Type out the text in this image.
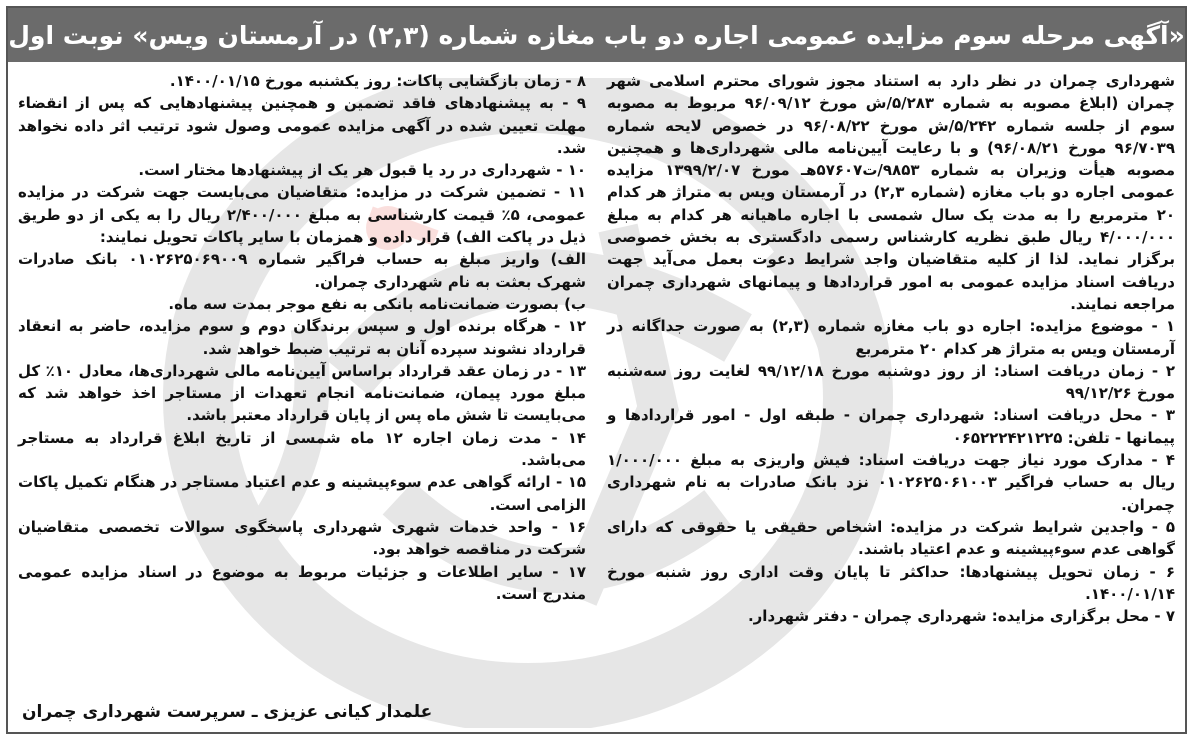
«آگهی مرحله سوم مزایده عمومی اجاره دو باب مغازه شماره (۲,۳) در آرمستان ویس» نوبت اول

شهرداری چمران در نظر دارد به استناد مجوز شورای محترم اسلامی شهر چمران (ابلاغ مصوبه به شماره ۵/۲۸۳/ش مورخ ۹۶/۰۹/۱۲ مربوط به مصوبه سوم از جلسه شماره ۵/۲۴۲/ش مورخ ۹۶/۰۸/۲۲ در خصوص لایحه شماره ۹۶/۷۰۳۹ مورخ ۹۶/۰۸/۲۱) و با رعایت آیین‌نامه مالی شهرداری‌ها و همچنین مصوبه هیأت وزیران به شماره ۹۸۵۳/ت۵۷۶۰۷هـ مورخ ۱۳۹۹/۲/۰۷ مزایده عمومی اجاره دو باب مغازه (شماره ۲,۳) در آرمستان ویس به متراژ هر کدام ۲۰ مترمربع را به مدت یک سال شمسی با اجاره ماهیانه هر کدام به مبلغ ۴/۰۰۰/۰۰۰ ریال طبق نظریه کارشناس رسمی دادگستری به بخش خصوصی برگزار نماید. لذا از کلیه متقاضیان واجد شرایط دعوت بعمل می‌آید جهت دریافت اسناد مزایده عمومی به امور قراردادها و پیمانهای شهرداری چمران مراجعه نمایند.

۱ - موضوع مزایده: اجاره دو باب مغازه شماره (۲,۳) به صورت جداگانه در آرمستان ویس به متراژ هر کدام ۲۰ مترمربع

۲ - زمان دریافت اسناد: از روز دوشنبه مورخ ۹۹/۱۲/۱۸ لغایت روز سه‌شنبه مورخ ۹۹/۱۲/۲۶

۳ - محل دریافت اسناد: شهرداری چمران - طبقه اول - امور قراردادها و پیمانها - تلفن: ۰۶۵۲۲۲۴۲۱۲۲۵

۴ - مدارک مورد نیاز جهت دریافت اسناد: فیش واریزی به مبلغ ۱/۰۰۰/۰۰۰ ریال به حساب فراگیر ۰۱۰۲۶۲۵۰۶۱۰۰۳ نزد بانک صادرات به نام شهرداری چمران.

۵ - واجدین شرایط شرکت در مزایده: اشخاص حقیقی یا حقوقی که دارای گواهی عدم سوءپیشینه و عدم اعتیاد باشند.

۶ - زمان تحویل پیشنهادها: حداکثر تا پایان وقت اداری روز شنبه مورخ ۱۴۰۰/۰۱/۱۴.

۷ - محل برگزاری مزایده: شهرداری چمران - دفتر شهردار.

۸ - زمان بازگشایی پاکات: روز یکشنبه مورخ ۱۴۰۰/۰۱/۱۵.

۹ - به پیشنهادهای فاقد تضمین و همچنین پیشنهادهایی که پس از انقضاء مهلت تعیین شده در آگهی مزایده عمومی وصول شود ترتیب اثر داده نخواهد شد.

۱۰ - شهرداری در رد یا قبول هر یک از پیشنهادها مختار است.

۱۱ - تضمین شرکت در مزایده: متقاضیان می‌بایست جهت شرکت در مزایده عمومی، ۵٪ قیمت کارشناسی به مبلغ ۲/۴۰۰/۰۰۰ ریال را به یکی از دو طریق ذیل در پاکت الف) قرار داده و همزمان با سایر پاکات تحویل نمایند:

الف) واریز مبلغ به حساب فراگیر شماره ۰۱۰۲۶۲۵۰۶۹۰۰۹ بانک صادرات شهرک بعثت به نام شهرداری چمران.

ب) بصورت ضمانت‌نامه بانکی به نفع موجر بمدت سه ماه.

۱۲ - هرگاه برنده اول و سپس برندگان دوم و سوم مزایده، حاضر به انعقاد قرارداد نشوند سپرده آنان به ترتیب ضبط خواهد شد.

۱۳ - در زمان عقد قرارداد براساس آیین‌نامه مالی شهرداری‌ها، معادل ۱۰٪ کل مبلغ مورد پیمان، ضمانت‌نامه انجام تعهدات از مستاجر اخذ خواهد شد که می‌بایست تا شش ماه پس از پایان قرارداد معتبر باشد.

۱۴ - مدت زمان اجاره ۱۲ ماه شمسی از تاریخ ابلاغ قرارداد به مستاجر می‌باشد.

۱۵ - ارائه گواهی عدم سوءپیشینه و عدم اعتیاد مستاجر در هنگام تکمیل پاکات الزامی است.

۱۶ - واحد خدمات شهری شهرداری پاسخگوی سوالات تخصصی متقاضیان شرکت در مناقصه خواهد بود.

۱۷ - سایر اطلاعات و جزئیات مربوط به موضوع در اسناد مزایده عمومی مندرج است.

علمدار کیانی عزیزی ـ سرپرست شهرداری چمران
